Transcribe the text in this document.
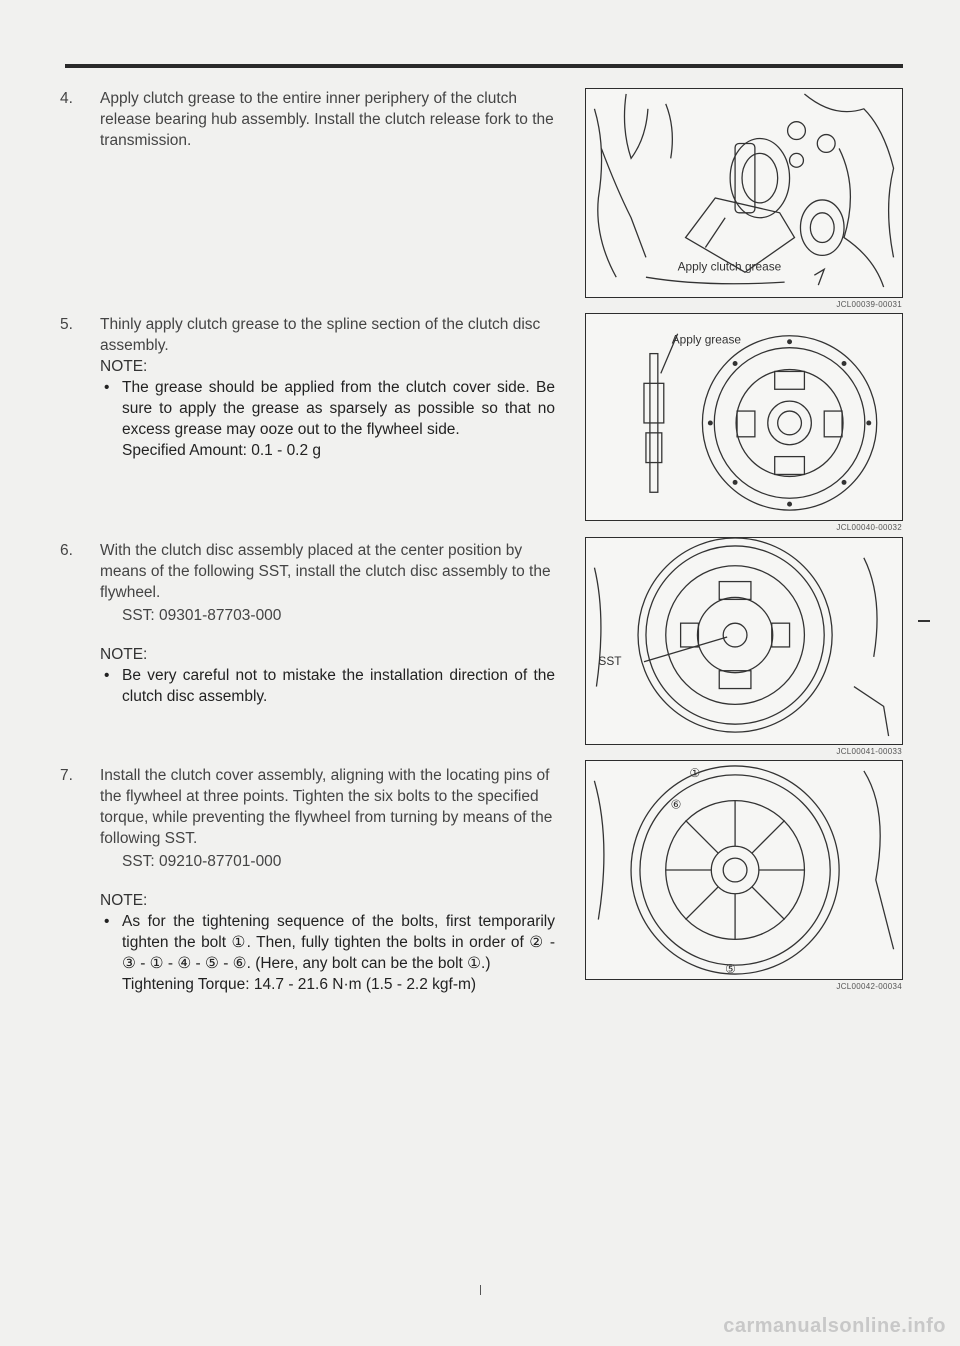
4.	Apply clutch grease to the entire inner periphery of the clutch release bearing hub assembly. Install the clutch release fork to the transmission.

5.	Thinly apply clutch grease to the spline section of the clutch disc assembly.

NOTE:

• The grease should be applied from the clutch cover side. Be sure to apply the grease as sparsely as possible so that no excess grease may ooze out to the flywheel side.

Specified Amount: 0.1 - 0.2 g

6.	With the clutch disc assembly placed at the center position by means of the following SST, install the clutch disc assembly to the flywheel.

SST: 09301-87703-000

NOTE:

• Be very careful not to mistake the installation direction of the clutch disc assembly.

7.	Install the clutch cover assembly, aligning with the locating pins of the flywheel at three points. Tighten the six bolts to the specified torque, while preventing the flywheel from turning by means of the following SST.

SST: 09210-87701-000

NOTE:

• As for the tightening sequence of the bolts, first temporarily tighten the bolt ①. Then, fully tighten the bolts in order of ② - ③ - ① - ④ - ⑤ - ⑥. (Here, any bolt can be the bolt ①.)

Tightening Torque: 14.7 - 21.6 N·m (1.5 - 2.2 kgf-m)

Apply clutch grease
JCL00039-00031
Apply grease
JCL00040-00032
SST
JCL00041-00033
①
⑥
⑤
JCL00042-00034
carmanualsonline.info
